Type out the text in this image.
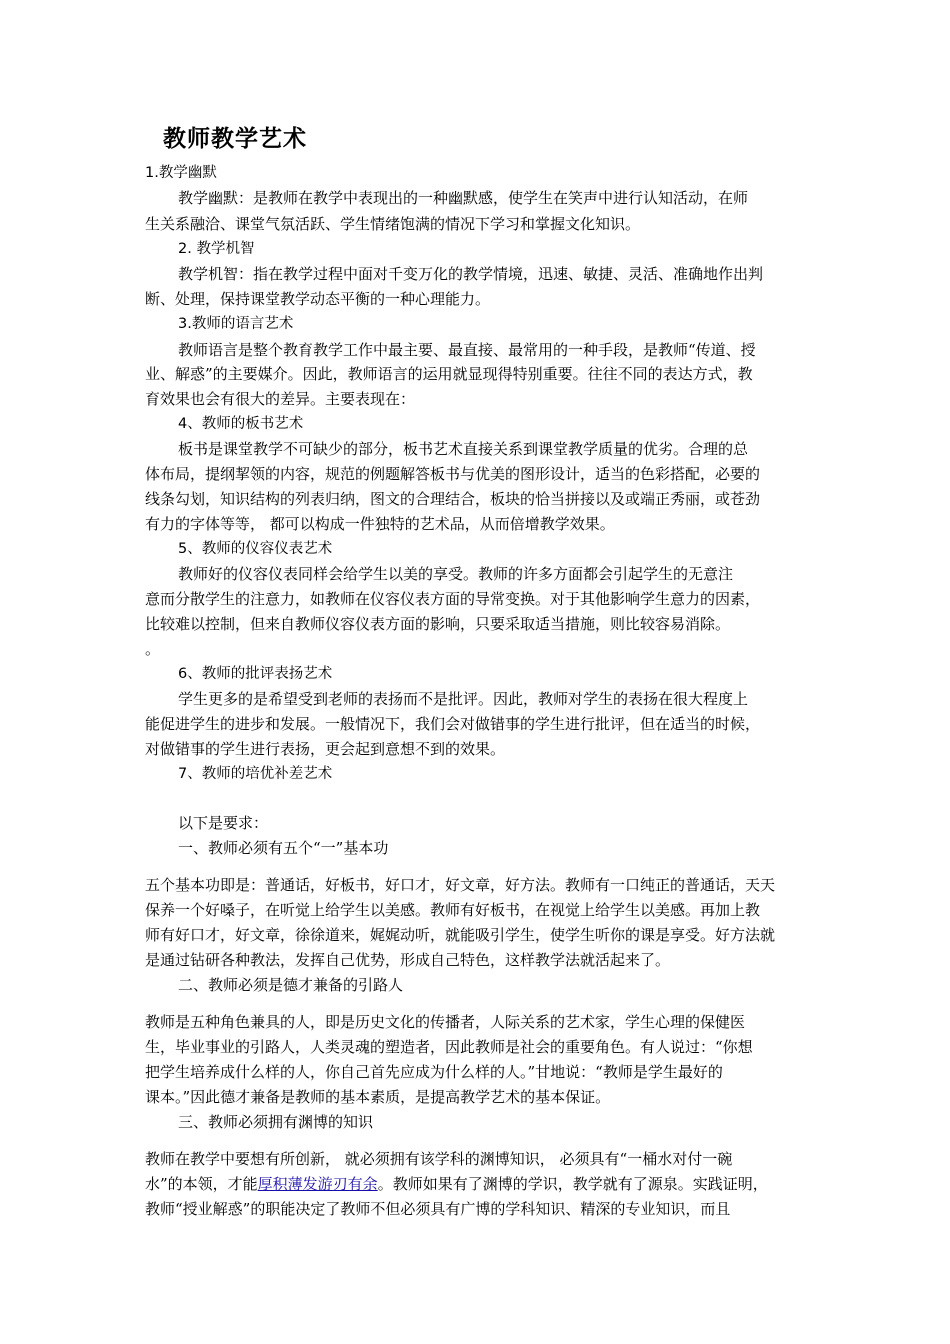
教师教学艺术
1.教学幽默
教学幽默：是教师在教学中表现出的一种幽默感，使学生在笑声中进行认知活动，在师
生关系融洽、课堂气氛活跃、学生情绪饱满的情况下学习和掌握文化知识。
2. 教学机智
教学机智：指在教学过程中面对千变万化的教学情境，迅速、敏捷、灵活、准确地作出判
断、处理，保持课堂教学动态平衡的一种心理能力。
3.教师的语言艺术
教师语言是整个教育教学工作中最主要、最直接、最常用的一种手段，是教师“传道、授
业、解惑”的主要媒介。因此，教师语言的运用就显现得特别重要。往往不同的表达方式，教
育效果也会有很大的差异。主要表现在：
4、教师的板书艺术
板书是课堂教学不可缺少的部分，板书艺术直接关系到课堂教学质量的优劣。合理的总
体布局，提纲挈领的内容，规范的例题解答板书与优美的图形设计，适当的色彩搭配，必要的
线条勾划，知识结构的列表归纳，图文的合理结合，板块的恰当拼接以及或端正秀丽，或苍劲
有力的字体等等， 都可以构成一件独特的艺术品，从而倍增教学效果。
5、教师的仪容仪表艺术
教师好的仪容仪表同样会给学生以美的享受。教师的许多方面都会引起学生的无意注
意而分散学生的注意力，如教师在仪容仪表方面的导常变换。对于其他影响学生意力的因素，
比较难以控制，但来自教师仪容仪表方面的影响，只要采取适当措施，则比较容易消除。
。
6、教师的批评表扬艺术
学生更多的是希望受到老师的表扬而不是批评。因此，教师对学生的表扬在很大程度上
能促进学生的进步和发展。一般情况下，我们会对做错事的学生进行批评，但在适当的时候，
对做错事的学生进行表扬，更会起到意想不到的效果。
7、教师的培优补差艺术
以下是要求：
一、教师必须有五个“一”基本功
五个基本功即是：普通话，好板书，好口才，好文章，好方法。教师有一口纯正的普通话，天天
保养一个好嗓子，在听觉上给学生以美感。教师有好板书，在视觉上给学生以美感。再加上教
师有好口才，好文章，徐徐道来，娓娓动听，就能吸引学生，使学生听你的课是享受。好方法就
是通过钻研各种教法，发挥自己优势，形成自己特色，这样教学法就活起来了。
二、教师必须是德才兼备的引路人
教师是五种角色兼具的人，即是历史文化的传播者，人际关系的艺术家，学生心理的保健医
生，毕业事业的引路人，人类灵魂的塑造者，因此教师是社会的重要角色。有人说过：“你想
把学生培养成什么样的人，你自己首先应成为什么样的人。”甘地说：“教师是学生最好的
课本。”因此德才兼备是教师的基本素质，是提高教学艺术的基本保证。
三、教师必须拥有渊博的知识
教师在教学中要想有所创新， 就必须拥有该学科的渊博知识， 必须具有“一桶水对付一碗
水”的本领，才能厚积薄发游刃有余。教师如果有了渊博的学识，教学就有了源泉。实践证明，
教师“授业解惑”的职能决定了教师不但必须具有广博的学科知识、精深的专业知识，而且
